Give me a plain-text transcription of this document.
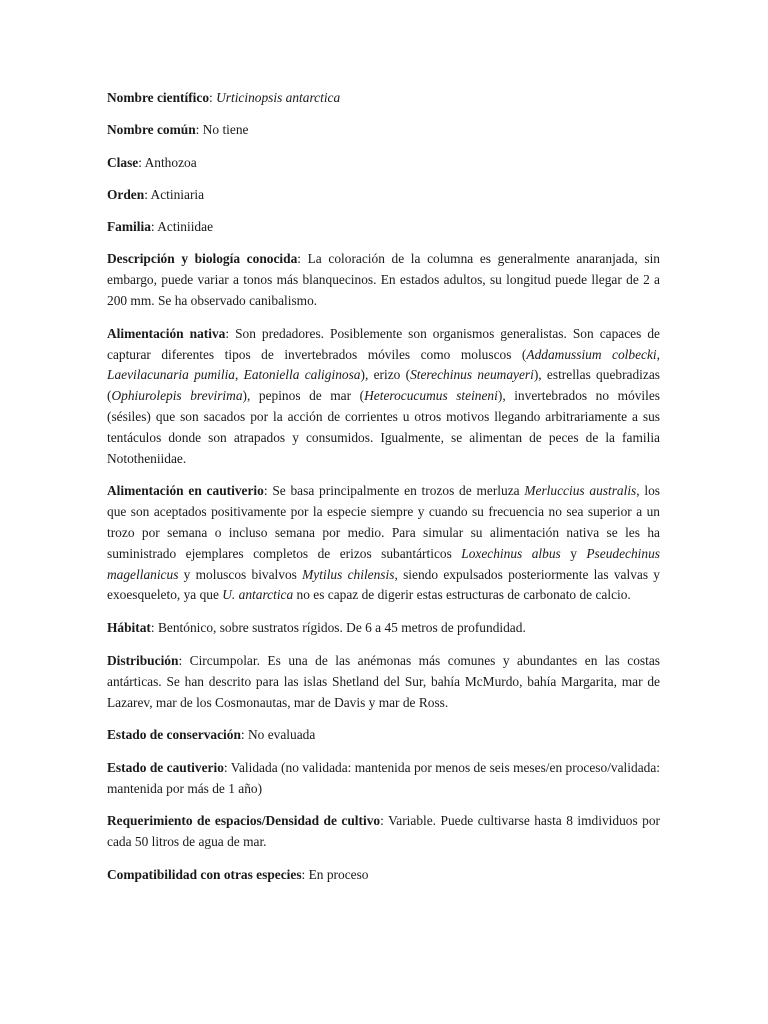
Nombre científico: Urticinopsis antarctica

Nombre común: No tiene

Clase: Anthozoa

Orden: Actiniaria

Familia: Actiniidae

Descripción y biología conocida: La coloración de la columna es generalmente anaranjada, sin embargo, puede variar a tonos más blanquecinos. En estados adultos, su longitud puede llegar de 2 a 200 mm. Se ha observado canibalismo.

Alimentación nativa: Son predadores. Posiblemente son organismos generalistas. Son capaces de capturar diferentes tipos de invertebrados móviles como moluscos (Addamussium colbecki, Laevilacunaria pumilia, Eatoniella caliginosa), erizo (Sterechinus neumayeri), estrellas quebradizas (Ophiurolepis brevirima), pepinos de mar (Heterocucumus steineni), invertebrados no móviles (sésiles) que son sacados por la acción de corrientes u otros motivos llegando arbitrariamente a sus tentáculos donde son atrapados y consumidos. Igualmente, se alimentan de peces de la familia Nototheniidae.

Alimentación en cautiverio: Se basa principalmente en trozos de merluza Merluccius australis, los que son aceptados positivamente por la especie siempre y cuando su frecuencia no sea superior a un trozo por semana o incluso semana por medio. Para simular su alimentación nativa se les ha suministrado ejemplares completos de erizos subantárticos Loxechinus albus y Pseudechinus magellanicus y moluscos bivalvos Mytilus chilensis, siendo expulsados posteriormente las valvas y exoesqueleto, ya que U. antarctica no es capaz de digerir estas estructuras de carbonato de calcio.

Hábitat: Bentónico, sobre sustratos rígidos. De 6 a 45 metros de profundidad.

Distribución: Circumpolar. Es una de las anémonas más comunes y abundantes en las costas antárticas. Se han descrito para las islas Shetland del Sur, bahía McMurdo, bahía Margarita, mar de Lazarev, mar de los Cosmonautas, mar de Davis y mar de Ross.

Estado de conservación: No evaluada

Estado de cautiverio: Validada (no validada: mantenida por menos de seis meses/en proceso/validada: mantenida por más de 1 año)

Requerimiento de espacios/Densidad de cultivo: Variable. Puede cultivarse hasta 8 imdividuos por cada 50 litros de agua de mar.

Compatibilidad con otras especies: En proceso
